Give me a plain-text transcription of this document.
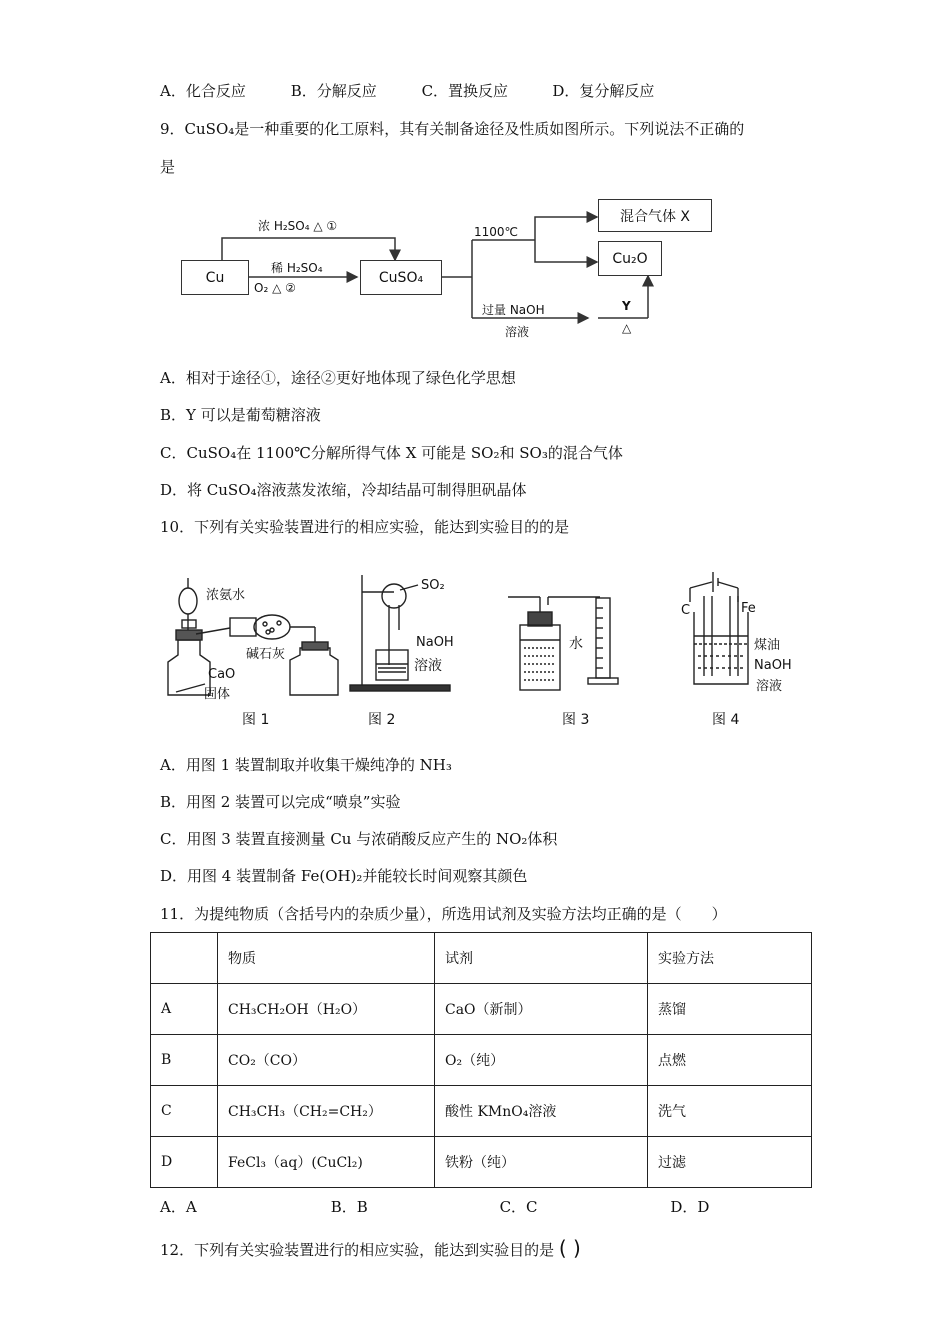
A．化合反应	B．分解反应	C．置换反应	D．复分解反应
9．CuSO₄是一种重要的化工原料，其有关制备途径及性质如图所示。下列说法不正确的
是
Cu	CuSO₄
混合气体 X
Cu₂O
浓 H₂SO₄ △ ①
稀 H₂SO₄
O₂ △ ②
1100℃
过量 NaOH
溶液
Y
△
A．相对于途径①，途径②更好地体现了绿色化学思想
B．Y 可以是葡萄糖溶液
C．CuSO₄在 1100℃分解所得气体 X 可能是 SO₂和 SO₃的混合气体
D．将 CuSO₄溶液蒸发浓缩，冷却结晶可制得胆矾晶体
10．下列有关实验装置进行的相应实验，能达到实验目的的是
浓氨水
碱石灰
CaO
固体
图 1
SO₂
NaOH
溶液
图 2
水
图 3
C	Fe
煤油
NaOH
溶液
图 4
A．用图 1 装置制取并收集干燥纯净的 NH₃
B．用图 2 装置可以完成“喷泉”实验
C．用图 3 装置直接测量 Cu 与浓硝酸反应产生的 NO₂体积
D．用图 4 装置制备 Fe(OH)₂并能较长时间观察其颜色
11．为提纯物质（含括号内的杂质少量），所选用试剂及实验方法均正确的是（　　）
	物质	试剂	实验方法
A	CH₃CH₂OH（H₂O）	CaO（新制）	蒸馏
B	CO₂（CO）	O₂（纯）	点燃
C	CH₃CH₃（CH₂=CH₂）	酸性 KMnO₄溶液	洗气
D	FeCl₃（aq）(CuCl₂)	铁粉（纯）	过滤
A．A	B．B	C．C	D．D
12．下列有关实验装置进行的相应实验，能达到实验目的是 ( )
